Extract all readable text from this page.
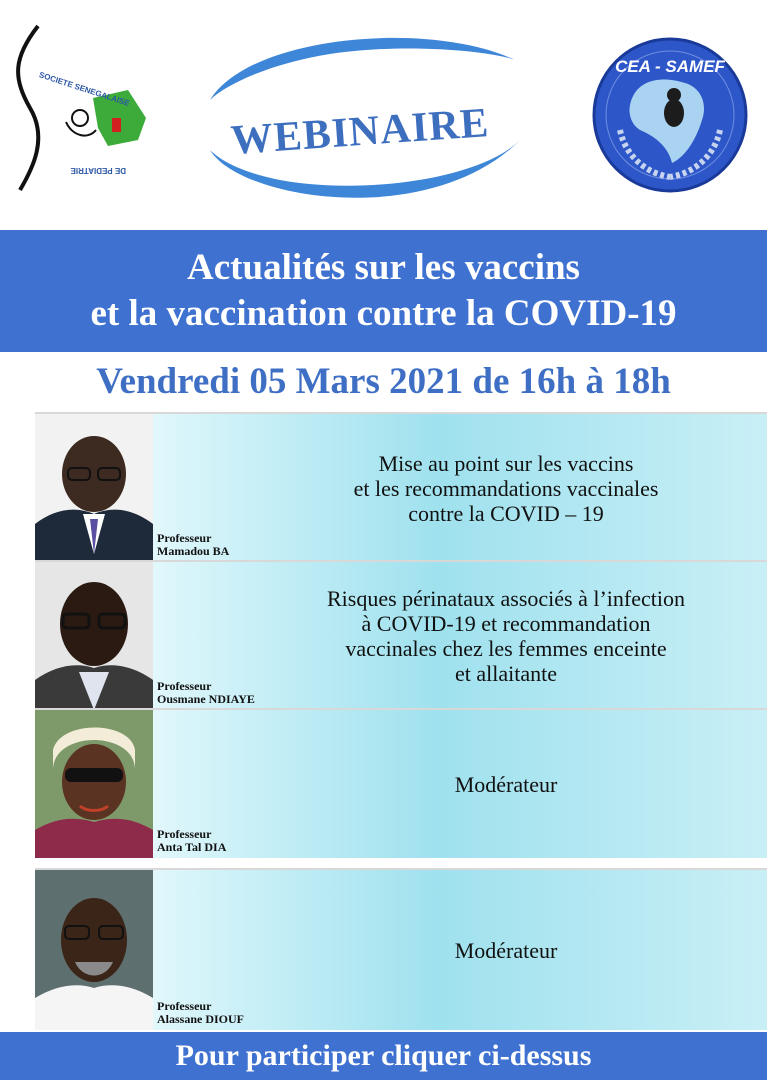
SOCIETE SENEGALAISE
DE PEDIATRIE
WEBINAIRE
CEA - SAMEF
Actualités sur les vaccins
et la vaccination contre la COVID-19
Vendredi 05 Mars 2021 de 16h à 18h
Professeur
Mamadou BA
Mise au point sur les vaccins
et les recommandations vaccinales
contre la COVID – 19
Professeur
Ousmane NDIAYE
Risques périnataux associés à l’infection
à COVID-19 et recommandation
vaccinales chez les femmes enceinte
et allaitante
Professeur
Anta Tal DIA
Modérateur
Professeur
Alassane DIOUF
Modérateur
Pour participer cliquer ci-dessus
